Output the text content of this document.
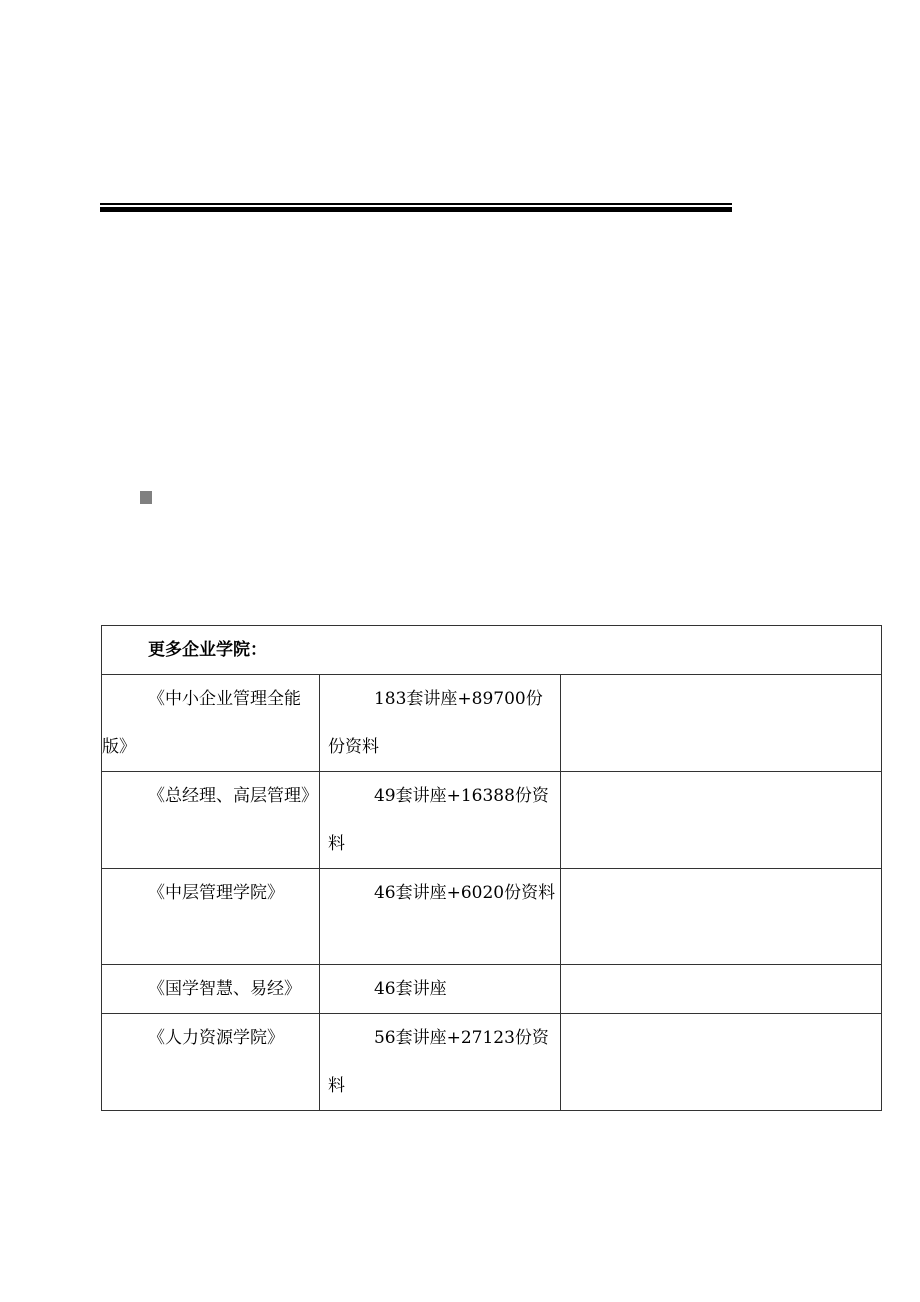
更多企业学院：		
《中小企业管理全能版》	183套讲座+89700份份资料	
《总经理、高层管理》	49套讲座+16388份资料	
《中层管理学院》	46套讲座+6020份资料	
《国学智慧、易经》	46套讲座	
《人力资源学院》	56套讲座+27123份资料	
